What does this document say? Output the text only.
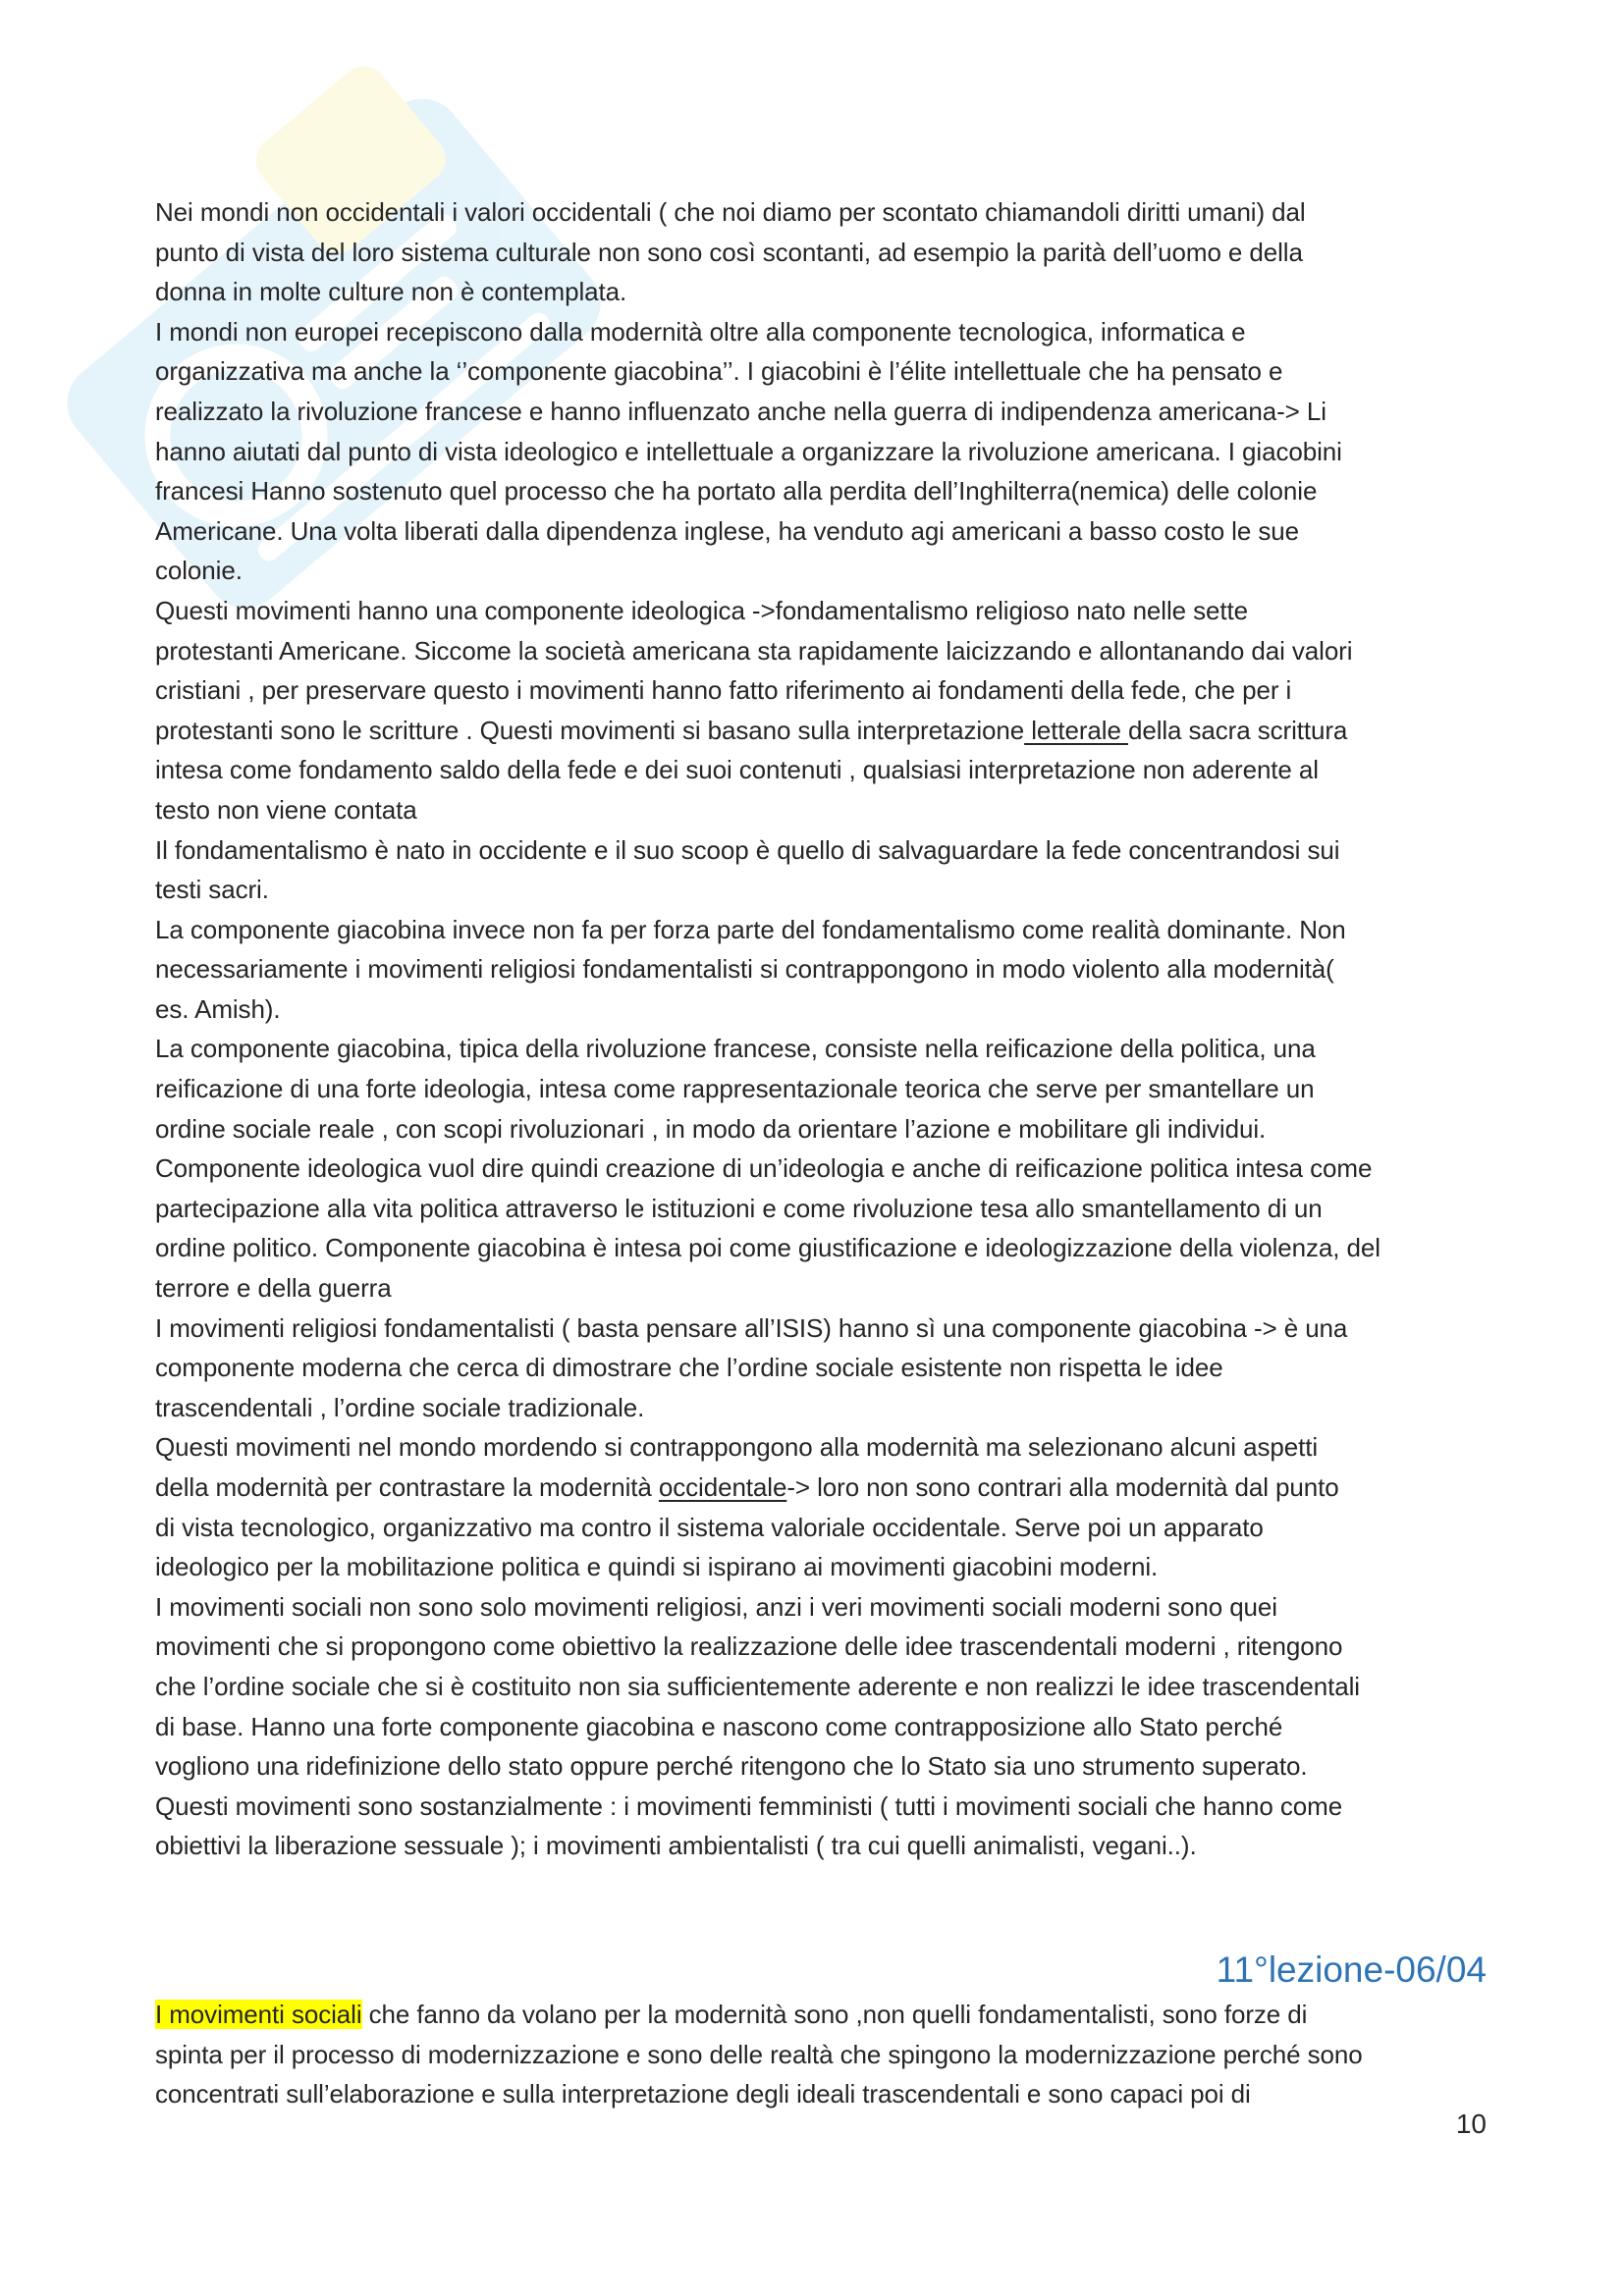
Nei mondi non occidentali i valori occidentali ( che noi diamo per scontato chiamandoli diritti umani) dal
punto di vista del loro sistema culturale non sono così scontanti, ad esempio la parità dell’uomo e della
donna in molte culture non è contemplata.
I mondi non europei recepiscono dalla modernità oltre alla componente tecnologica, informatica e
organizzativa ma anche la ‘’componente giacobina’’. I giacobini è l’élite intellettuale che ha pensato e
realizzato la rivoluzione francese e hanno influenzato anche nella guerra di indipendenza americana-> Li
hanno aiutati dal punto di vista ideologico e intellettuale a organizzare la rivoluzione americana. I giacobini
francesi Hanno sostenuto quel processo che ha portato alla perdita dell’Inghilterra(nemica) delle colonie
Americane. Una volta liberati dalla dipendenza inglese, ha venduto agi americani a basso costo le sue
colonie.
Questi movimenti hanno una componente ideologica ->fondamentalismo religioso nato nelle sette
protestanti Americane. Siccome la società americana sta rapidamente laicizzando e allontanando dai valori
cristiani , per preservare questo i movimenti hanno fatto riferimento ai fondamenti della fede, che per i
protestanti sono le scritture . Questi movimenti si basano sulla interpretazione letterale della sacra scrittura
intesa come fondamento saldo della fede e dei suoi contenuti , qualsiasi interpretazione non aderente al
testo non viene contata
Il fondamentalismo è nato in occidente e il suo scoop è quello di salvaguardare la fede concentrandosi sui
testi sacri.
La componente giacobina invece non fa per forza parte del fondamentalismo come realità dominante. Non
necessariamente i movimenti religiosi fondamentalisti si contrappongono in modo violento alla modernità(
es. Amish).
La componente giacobina, tipica della rivoluzione francese, consiste nella reificazione della politica, una
reificazione di una forte ideologia, intesa come rappresentazionale teorica che serve per smantellare un
ordine sociale reale , con scopi rivoluzionari , in modo da orientare l’azione e mobilitare gli individui.
Componente ideologica vuol dire quindi creazione di un’ideologia e anche di reificazione politica intesa come
partecipazione alla vita politica attraverso le istituzioni e come rivoluzione tesa allo smantellamento di un
ordine politico. Componente giacobina è intesa poi come giustificazione e ideologizzazione della violenza, del
terrore e della guerra
I movimenti religiosi fondamentalisti ( basta pensare all’ISIS) hanno sì una componente giacobina -> è una
componente moderna che cerca di dimostrare che l’ordine sociale esistente non rispetta le idee
trascendentali , l’ordine sociale tradizionale.
Questi movimenti nel mondo mordendo si contrappongono alla modernità ma selezionano alcuni aspetti
della modernità per contrastare la modernità occidentale-> loro non sono contrari alla modernità dal punto
di vista tecnologico, organizzativo ma contro il sistema valoriale occidentale. Serve poi un apparato
ideologico per la mobilitazione politica e quindi si ispirano ai movimenti giacobini moderni.
I movimenti sociali non sono solo movimenti religiosi, anzi i veri movimenti sociali moderni sono quei
movimenti che si propongono come obiettivo la realizzazione delle idee trascendentali moderni , ritengono
che l’ordine sociale che si è costituito non sia sufficientemente aderente e non realizzi le idee trascendentali
di base. Hanno una forte componente giacobina e nascono come contrapposizione allo Stato perché
vogliono una ridefinizione dello stato oppure perché ritengono che lo Stato sia uno strumento superato.
Questi movimenti sono sostanzialmente : i movimenti femministi ( tutti i movimenti sociali che hanno come
obiettivi la liberazione sessuale ); i movimenti ambientalisti ( tra cui quelli animalisti, vegani..).

11°lezione-06/04

I movimenti sociali che fanno da volano per la modernità sono ,non quelli fondamentalisti, sono forze di
spinta per il processo di modernizzazione e sono delle realtà che spingono la modernizzazione perché sono
concentrati sull’elaborazione e sulla interpretazione degli ideali trascendentali e sono capaci poi di

10
